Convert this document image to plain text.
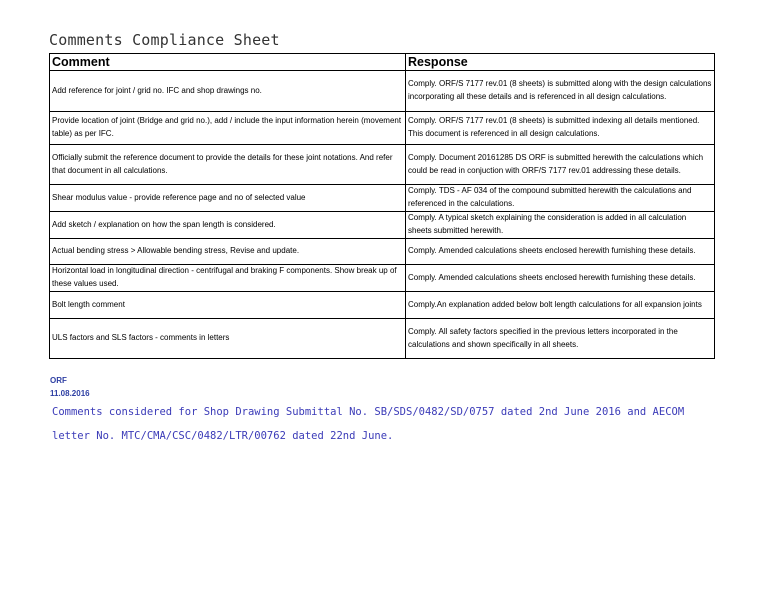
Comments Compliance Sheet
Comment	Response
Add reference for joint / grid no. IFC and shop drawings no.	Comply. ORF/S 7177 rev.01 (8 sheets) is submitted along with the design calculations incorporating all these details and is referenced in all design calculations.
Provide location of joint (Bridge and grid no.), add / include the input information herein (movement table) as per IFC.	Comply. ORF/S 7177 rev.01 (8 sheets) is submitted indexing all details mentioned. This document is referenced in all design calculations.
Officially submit the reference document to provide the details for these joint notations. And refer that document in all calculations.	Comply. Document 20161285 DS ORF is submitted herewith the calculations which could be read in conjuction with ORF/S 7177 rev.01 addressing these details.
Shear modulus value - provide reference page and no of selected value	Comply. TDS - AF 034 of the compound submitted herewith the calculations and referenced in the calculations.
Add sketch / explanation on how the span length is considered.	Comply. A typical sketch explaining the consideration is added in all calculation sheets submitted herewith.
Actual bending stress > Allowable bending stress, Revise and update.	Comply. Amended calculations sheets enclosed herewith furnishing these details.
Horizontal load in longitudinal direction - centrifugal and braking F components. Show break up of these values used.	Comply. Amended calculations sheets enclosed herewith furnishing these details.
Bolt length comment	Comply.An explanation added below bolt length calculations for all expansion joints
ULS factors and SLS factors - comments in letters	Comply. All safety factors specified in the previous letters incorporated in the calculations and shown specifically in all sheets.
ORF
11.08.2016
Comments considered for Shop Drawing Submittal No. SB/SDS/0482/SD/0757 dated 2nd June 2016 and AECOM
letter No. MTC/CMA/CSC/0482/LTR/00762 dated 22nd June.
